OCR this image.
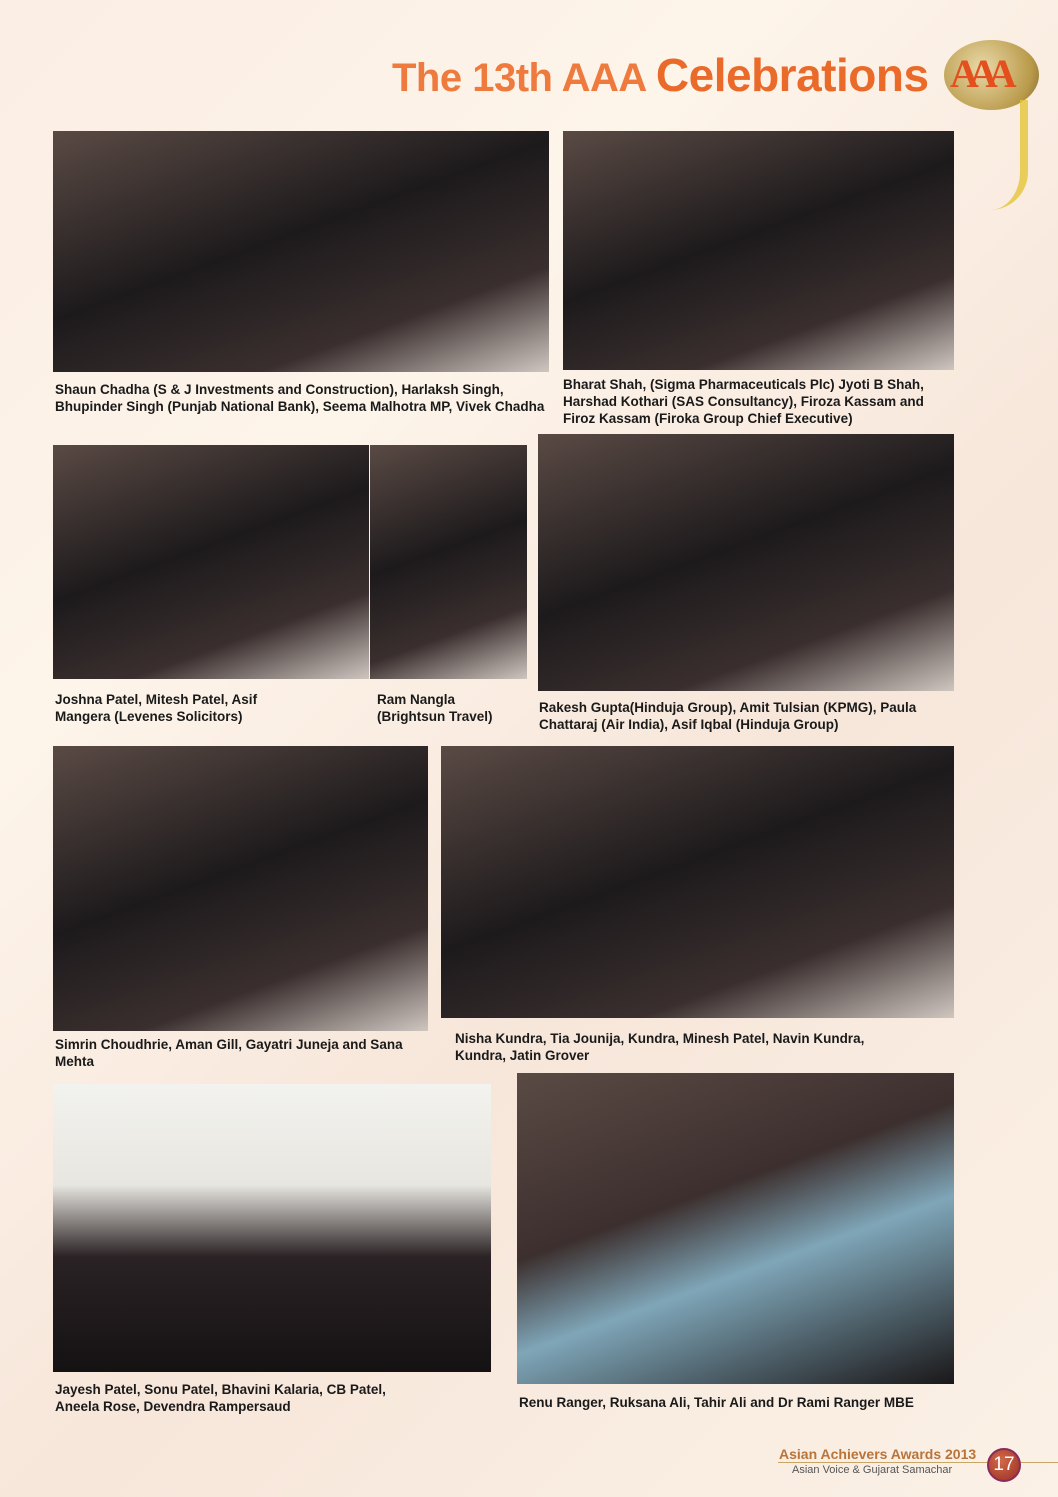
The 13th AAA Celebrations AAA
Shaun Chadha (S & J Investments and Construction), Harlaksh Singh, Bhupinder Singh (Punjab National Bank), Seema Malhotra MP, Vivek Chadha
Bharat Shah, (Sigma Pharmaceuticals Plc) Jyoti B Shah, Harshad Kothari (SAS Consultancy), Firoza Kassam and Firoz Kassam (Firoka Group Chief Executive)
Joshna Patel, Mitesh Patel, Asif Mangera (Levenes Solicitors)
Ram Nangla (Brightsun Travel)
Rakesh Gupta(Hinduja Group), Amit Tulsian (KPMG), Paula Chattaraj (Air India), Asif Iqbal (Hinduja Group)
Simrin Choudhrie, Aman Gill, Gayatri Juneja and Sana Mehta
Nisha Kundra, Tia Jounija, Kundra, Minesh Patel, Navin Kundra, Kundra, Jatin Grover
Jayesh Patel, Sonu Patel, Bhavini Kalaria, CB Patel, Aneela Rose, Devendra Rampersaud	Renu Ranger, Ruksana Ali, Tahir Ali and Dr Rami Ranger MBE
Asian Achievers Awards 2013
Asian Voice & Gujarat Samachar	17
